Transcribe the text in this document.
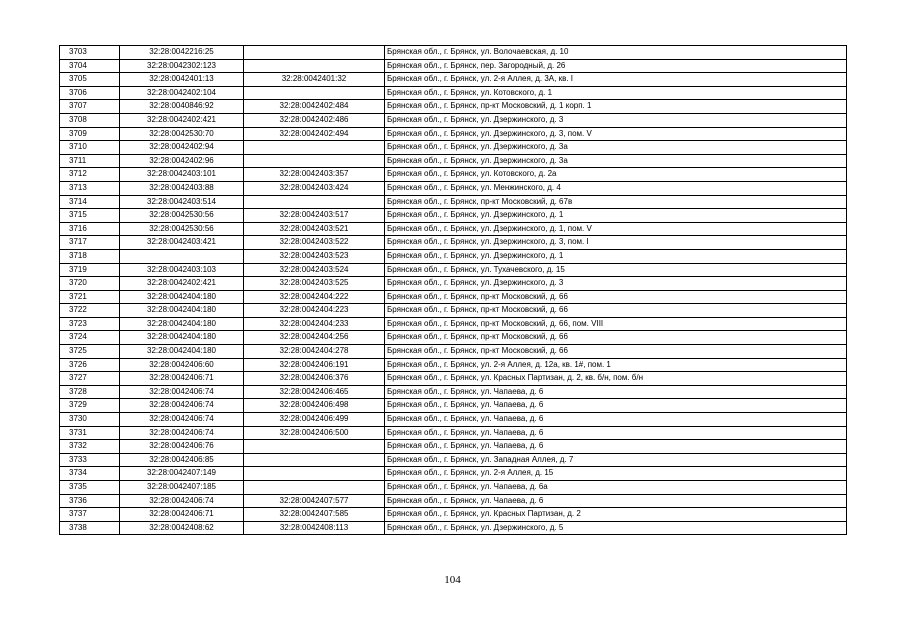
3703	32:28:0042216:25		Брянская обл., г. Брянск, ул. Волочаевская, д. 10
3704	32:28:0042302:123		Брянская обл., г. Брянск, пер. Загородный, д. 26
3705	32:28:0042401:13	32:28:0042401:32	Брянская обл., г. Брянск, ул. 2-я Аллея, д. 3А, кв. I
3706	32:28:0042402:104		Брянская обл., г. Брянск, ул. Котовского, д. 1
3707	32:28:0040846:92	32:28:0042402:484	Брянская обл., г. Брянск, пр-кт Московский, д. 1 корп. 1
3708	32:28:0042402:421	32:28:0042402:486	Брянская обл., г. Брянск, ул. Дзержинского, д. 3
3709	32:28:0042530:70	32:28:0042402:494	Брянская обл., г. Брянск, ул. Дзержинского, д. 3, пом. V
3710	32:28:0042402:94		Брянская обл., г. Брянск, ул. Дзержинского, д. 3а
3711	32:28:0042402:96		Брянская обл., г. Брянск, ул. Дзержинского, д. 3а
3712	32:28:0042403:101	32:28:0042403:357	Брянская обл., г. Брянск, ул. Котовского, д. 2а
3713	32:28:0042403:88	32:28:0042403:424	Брянская обл., г. Брянск, ул. Менжинского, д. 4
3714	32:28:0042403:514		Брянская обл., г. Брянск, пр-кт Московский, д. 67в
3715	32:28:0042530:56	32:28:0042403:517	Брянская обл., г. Брянск, ул. Дзержинского, д. 1
3716	32:28:0042530:56	32:28:0042403:521	Брянская обл., г. Брянск, ул. Дзержинского, д. 1, пом. V
3717	32:28:0042403:421	32:28:0042403:522	Брянская обл., г. Брянск, ул. Дзержинского, д. 3, пом. I
3718		32:28:0042403:523	Брянская обл., г. Брянск, ул. Дзержинского, д. 1
3719	32:28:0042403:103	32:28:0042403:524	Брянская обл., г. Брянск, ул. Тухачевского, д. 15
3720	32:28:0042402:421	32:28:0042403:525	Брянская обл., г. Брянск, ул. Дзержинского, д. 3
3721	32:28:0042404:180	32:28:0042404:222	Брянская обл., г. Брянск, пр-кт Московский, д. 66
3722	32:28:0042404:180	32:28:0042404:223	Брянская обл., г. Брянск, пр-кт Московский, д. 66
3723	32:28:0042404:180	32:28:0042404:233	Брянская обл., г. Брянск, пр-кт Московский, д. 66, пом. VIII
3724	32:28:0042404:180	32:28:0042404:256	Брянская обл., г. Брянск, пр-кт Московский, д. 66
3725	32:28:0042404:180	32:28:0042404:278	Брянская обл., г. Брянск, пр-кт Московский, д. 66
3726	32:28:0042406:60	32:28:0042406:191	Брянская обл., г. Брянск, ул. 2-я Аллея, д. 12а, кв. 1#, пом. 1
3727	32:28:0042406:71	32:28:0042406:376	Брянская обл., г. Брянск, ул. Красных Партизан, д. 2, кв. б/н, пом. б/н
3728	32:28:0042406:74	32:28:0042406:465	Брянская обл., г. Брянск, ул. Чапаева, д. 6
3729	32:28:0042406:74	32:28:0042406:498	Брянская обл., г. Брянск, ул. Чапаева, д. 6
3730	32:28:0042406:74	32:28:0042406:499	Брянская обл., г. Брянск, ул. Чапаева, д. 6
3731	32:28:0042406:74	32:28:0042406:500	Брянская обл., г. Брянск, ул. Чапаева, д. 6
3732	32:28:0042406:76		Брянская обл., г. Брянск, ул. Чапаева, д. 6
3733	32:28:0042406:85		Брянская обл., г. Брянск, ул. Западная Аллея, д. 7
3734	32:28:0042407:149		Брянская обл., г. Брянск, ул. 2-я Аллея, д. 15
3735	32:28:0042407:185		Брянская обл., г. Брянск, ул. Чапаева, д. 6а
3736	32:28:0042406:74	32:28:0042407:577	Брянская обл., г. Брянск, ул. Чапаева, д. 6
3737	32:28:0042406:71	32:28:0042407:585	Брянская обл., г. Брянск, ул. Красных Партизан, д. 2
3738	32:28:0042408:62	32:28:0042408:113	Брянская обл., г. Брянск, ул. Дзержинского, д. 5
104
